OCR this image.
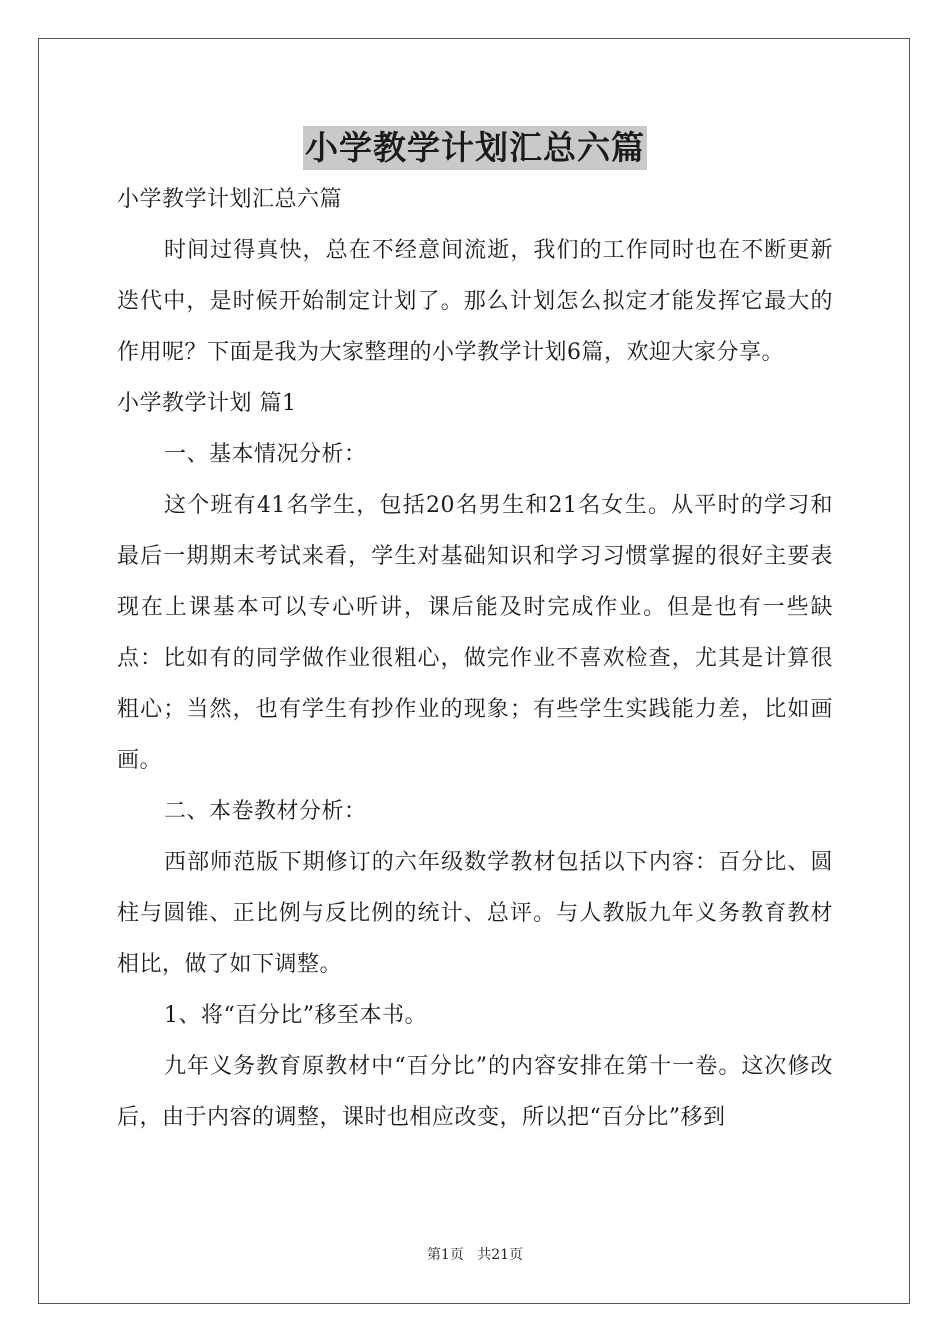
小学教学计划汇总六篇

小学教学计划汇总六篇

时间过得真快，总在不经意间流逝，我们的工作同时也在不断更新迭代中，是时候开始制定计划了。那么计划怎么拟定才能发挥它最大的作用呢？下面是我为大家整理的小学教学计划6篇，欢迎大家分享。

小学教学计划 篇1

一、基本情况分析：

这个班有41名学生，包括20名男生和21名女生。从平时的学习和最后一期期末考试来看，学生对基础知识和学习习惯掌握的很好主要表现在上课基本可以专心听讲，课后能及时完成作业。但是也有一些缺点：比如有的同学做作业很粗心，做完作业不喜欢检查，尤其是计算很粗心；当然，也有学生有抄作业的现象；有些学生实践能力差，比如画画。

二、本卷教材分析：

西部师范版下期修订的六年级数学教材包括以下内容：百分比、圆柱与圆锥、正比例与反比例的统计、总评。与人教版九年义务教育教材相比，做了如下调整。

1、将“百分比”移至本书。

九年义务教育原教材中“百分比”的内容安排在第十一卷。这次修改后，由于内容的调整，课时也相应改变，所以把“百分比”移到

第1页 共21页
